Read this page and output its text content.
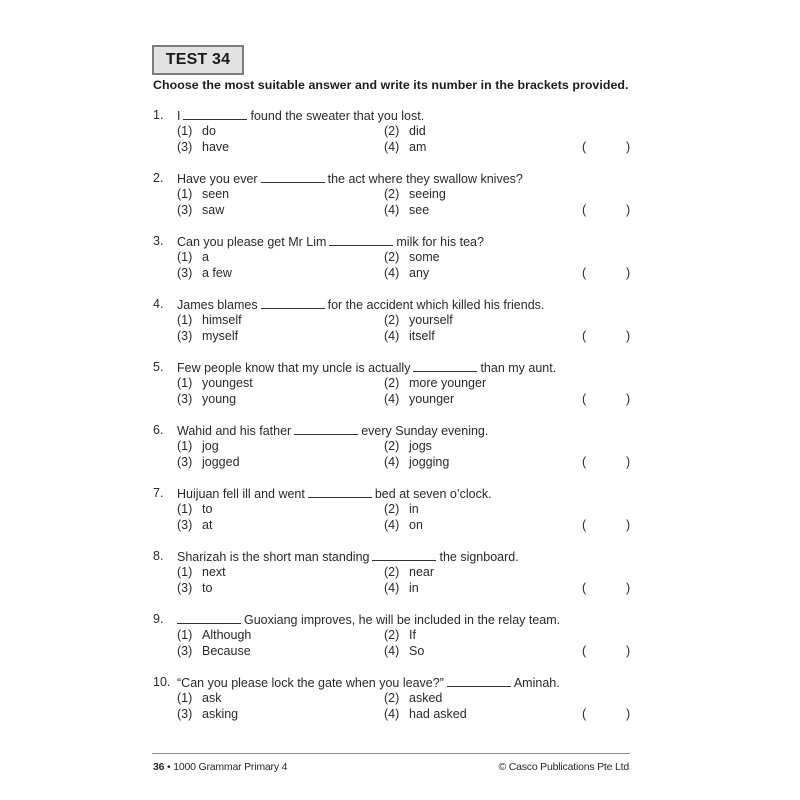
TEST 34
Choose the most suitable answer and write its number in the brackets provided.
1. I	found the sweater that you lost.
(1) do	(2) did
(3) have	(4) am	(	)
2. Have you ever	the act where they swallow knives?
(1) seen	(2) seeing
(3) saw	(4) see	(	)
3. Can you please get Mr Lim	milk for his tea?
(1) a	(2) some
(3) a few	(4) any	(	)
4. James blames	for the accident which killed his friends.
(1) himself	(2) yourself
(3) myself	(4) itself	(	)
5. Few people know that my uncle is actually	than my aunt.
(1) youngest	(2) more younger
(3) young	(4) younger	(	)
6. Wahid and his father	every Sunday evening.
(1) jog	(2) jogs
(3) jogged	(4) jogging	(	)
7. Huijuan fell ill and went	bed at seven o’clock.
(1) to	(2) in
(3) at	(4) on	(	)
8. Sharizah is the short man standing	the signboard.
(1) next	(2) near
(3) to	(4) in	(	)
9.	Guoxiang improves, he will be included in the relay team.
(1) Although	(2) If
(3) Because	(4) So	(	)
10. “Can you please lock the gate when you leave?”	Aminah.
(1) ask	(2) asked
(3) asking	(4) had asked	(	)
36 • 1000 Grammar Primary 4	© Casco Publications Pte Ltd
